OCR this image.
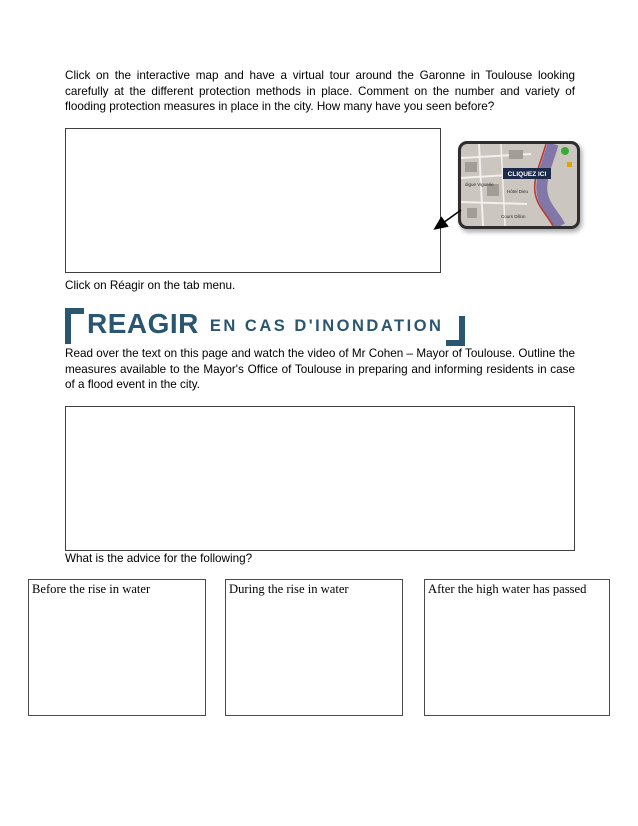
Click on the interactive map and have a virtual tour around the Garonne in Toulouse looking carefully at the different protection methods in place. Comment on the number and variety of flooding protection measures in place in the city. How many have you seen before?

CLIQUEZ ICI
digue Viguerie
Hôtel Dieu
Cours Dillon

Click on Réagir on the tab menu.

REAGIR EN CAS D'INONDATION

Read over the text on this page and watch the video of Mr Cohen – Mayor of Toulouse. Outline the measures available to the Mayor's Office of Toulouse in preparing and informing residents in case of a flood event in the city.

What is the advice for the following?

Before the rise in water	During the rise in water	After the high water has passed
